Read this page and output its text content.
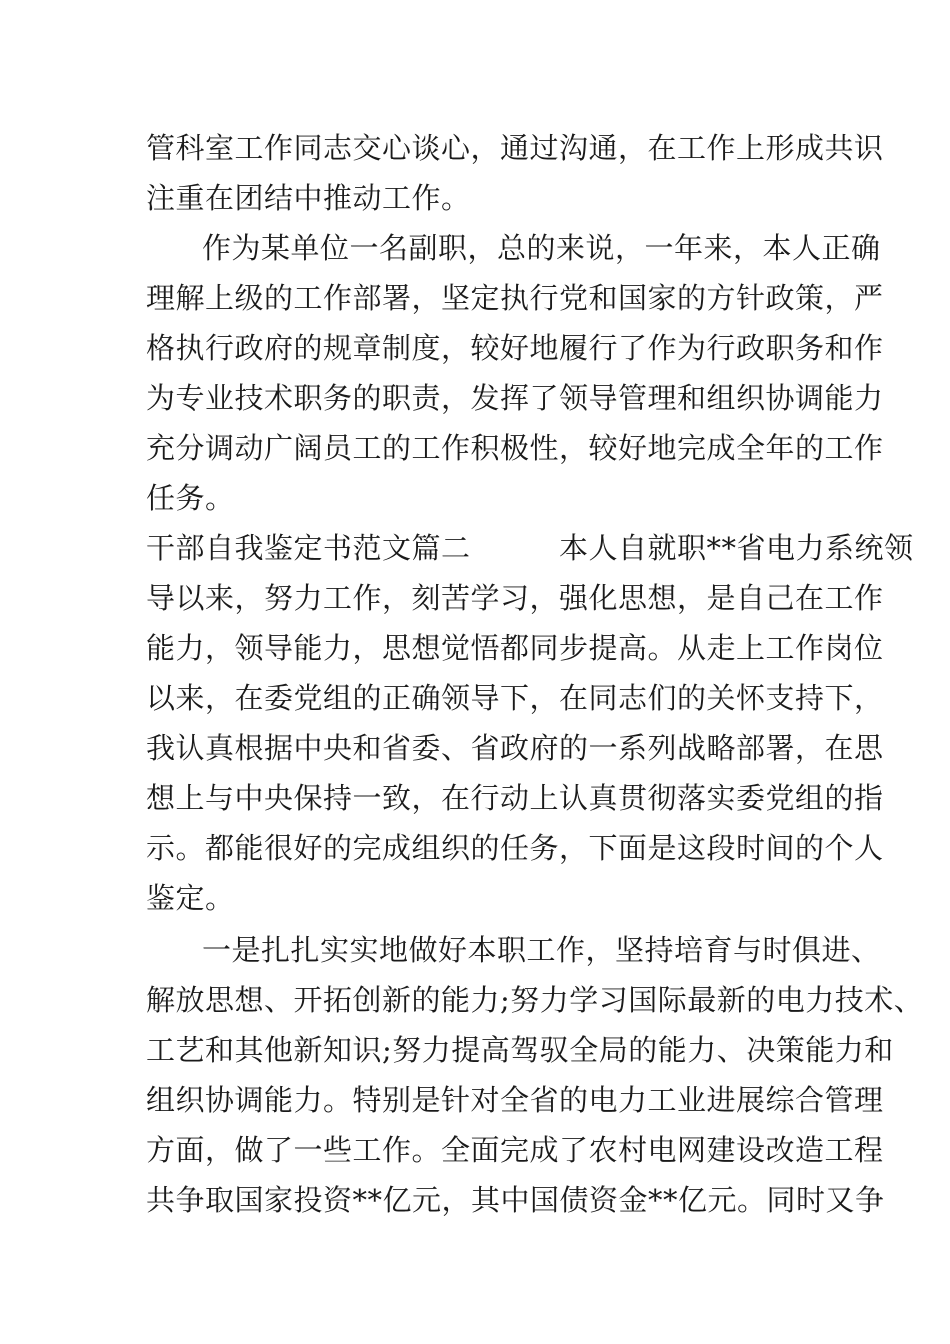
管科室工作同志交心谈心，通过沟通，在工作上形成共识
注重在团结中推动工作。
作为某单位一名副职，总的来说，一年来，本人正确
理解上级的工作部署，坚定执行党和国家的方针政策，严
格执行政府的规章制度，较好地履行了作为行政职务和作
为专业技术职务的职责，发挥了领导管理和组织协调能力
充分调动广阔员工的工作积极性，较好地完成全年的工作
任务。
干部自我鉴定书范文篇二　　　本人自就职**省电力系统领
导以来，努力工作，刻苦学习，强化思想，是自己在工作
能力，领导能力，思想觉悟都同步提高。从走上工作岗位
以来，在委党组的正确领导下，在同志们的关怀支持下，
我认真根据中央和省委、省政府的一系列战略部署，在思
想上与中央保持一致，在行动上认真贯彻落实委党组的指
示。都能很好的完成组织的任务，下面是这段时间的个人
鉴定。
一是扎扎实实地做好本职工作，坚持培育与时俱进、
解放思想、开拓创新的能力;努力学习国际最新的电力技术、
工艺和其他新知识;努力提高驾驭全局的能力、决策能力和
组织协调能力。特别是针对全省的电力工业进展综合管理
方面，做了一些工作。全面完成了农村电网建设改造工程
共争取国家投资**亿元，其中国债资金**亿元。同时又争
